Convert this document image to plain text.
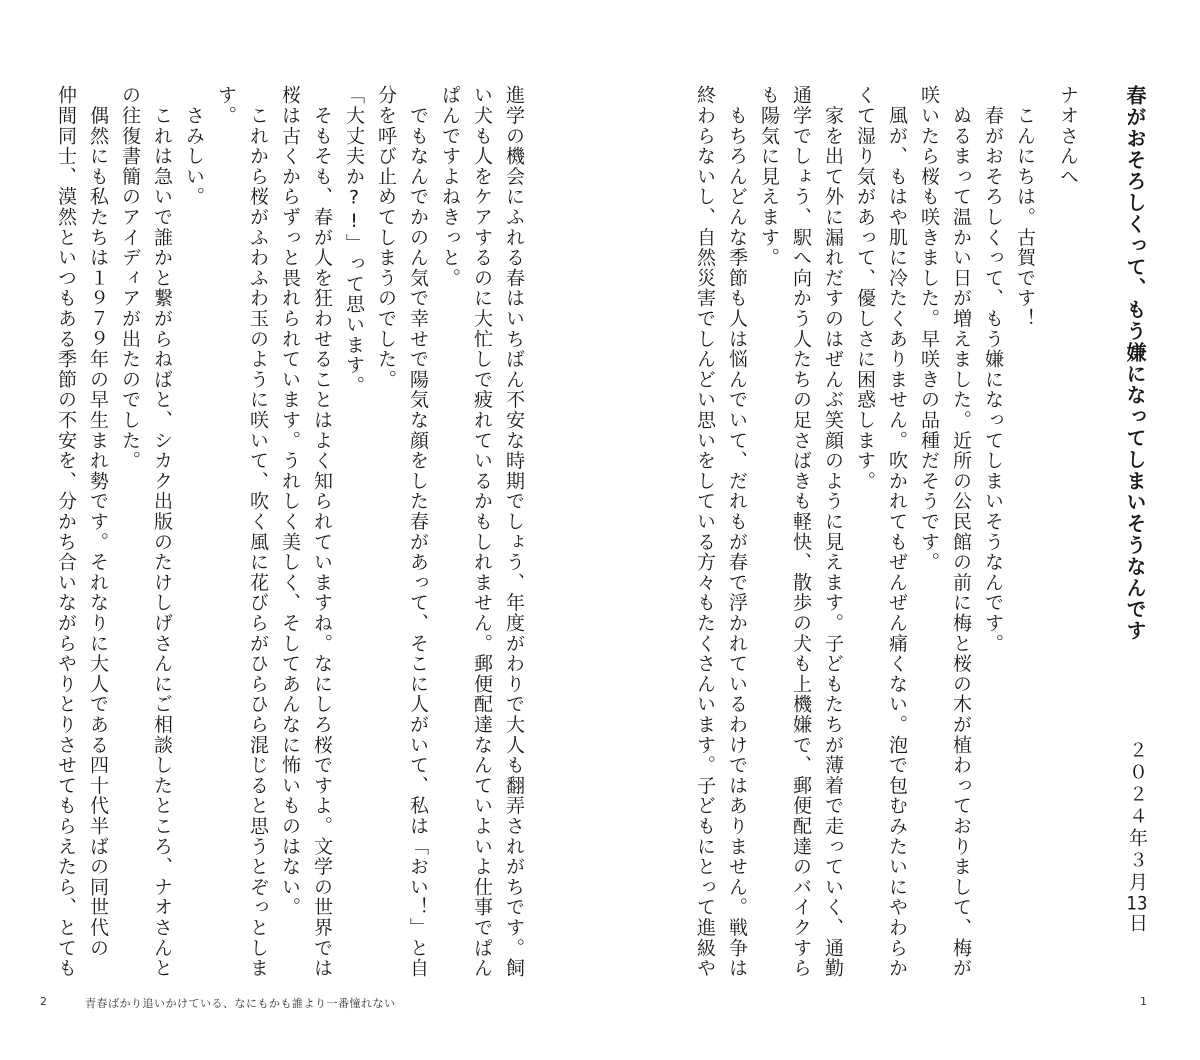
春がおそろしくって、もう嫌になってしまいそうなんです
２０２４年３月13日
ナオさんへ
　こんにちは。古賀です！
　春がおそろしくって、もう嫌になってしまいそうなんです。
　ぬるまって温かい日が増えました。近所の公民館の前に梅と桜の木が植わっておりまして、梅が
咲いたら桜も咲きました。早咲きの品種だそうです。
　風が、もはや肌に冷たくありません。吹かれてもぜんぜん痛くない。泡で包むみたいにやわらか
くて湿り気があって、優しさに困惑します。
　家を出て外に漏れだすのはぜんぶ笑顔のように見えます。子どもたちが薄着で走っていく、通勤
通学でしょう、駅へ向かう人たちの足さばきも軽快、散歩の犬も上機嫌で、郵便配達のバイクすら
も陽気に見えます。
　もちろんどんな季節も人は悩んでいて、だれもが春で浮かれているわけではありません。戦争は
終わらないし、自然災害でしんどい思いをしている方々もたくさんいます。子どもにとって進級や
1
進学の機会にふれる春はいちばん不安な時期でしょう、年度がわりで大人も翻弄されがちです。飼
い犬も人をケアするのに大忙しで疲れているかもしれません。郵便配達なんていよいよ仕事でぱん
ぱんですよねきっと。
　でもなんでかのん気で幸せで陽気な顔をした春があって、そこに人がいて、私は「おい！」と自
分を呼び止めてしまうのでした。
「大丈夫か?!」って思います。
　そもそも、春が人を狂わせることはよく知られていますね。なにしろ桜ですよ。文学の世界では
桜は古くからずっと畏れられています。うれしく美しく、そしてあんなに怖いものはない。
　これから桜がふわふわ玉のように咲いて、吹く風に花びらがひらひら混じると思うとぞっとしま
す。
　さみしい。
　これは急いで誰かと繋がらねばと、シカク出版のたけしげさんにご相談したところ、ナオさんと
の往復書簡のアイディアが出たのでした。
　偶然にも私たちは１９７９年の早生まれ勢です。それなりに大人である四十代半ばの同世代の
仲間同士、漠然といつもある季節の不安を、分かち合いながらやりとりさせてもらえたら、とても
2	青春ばかり追いかけている、なにもかも誰より一番憧れない
